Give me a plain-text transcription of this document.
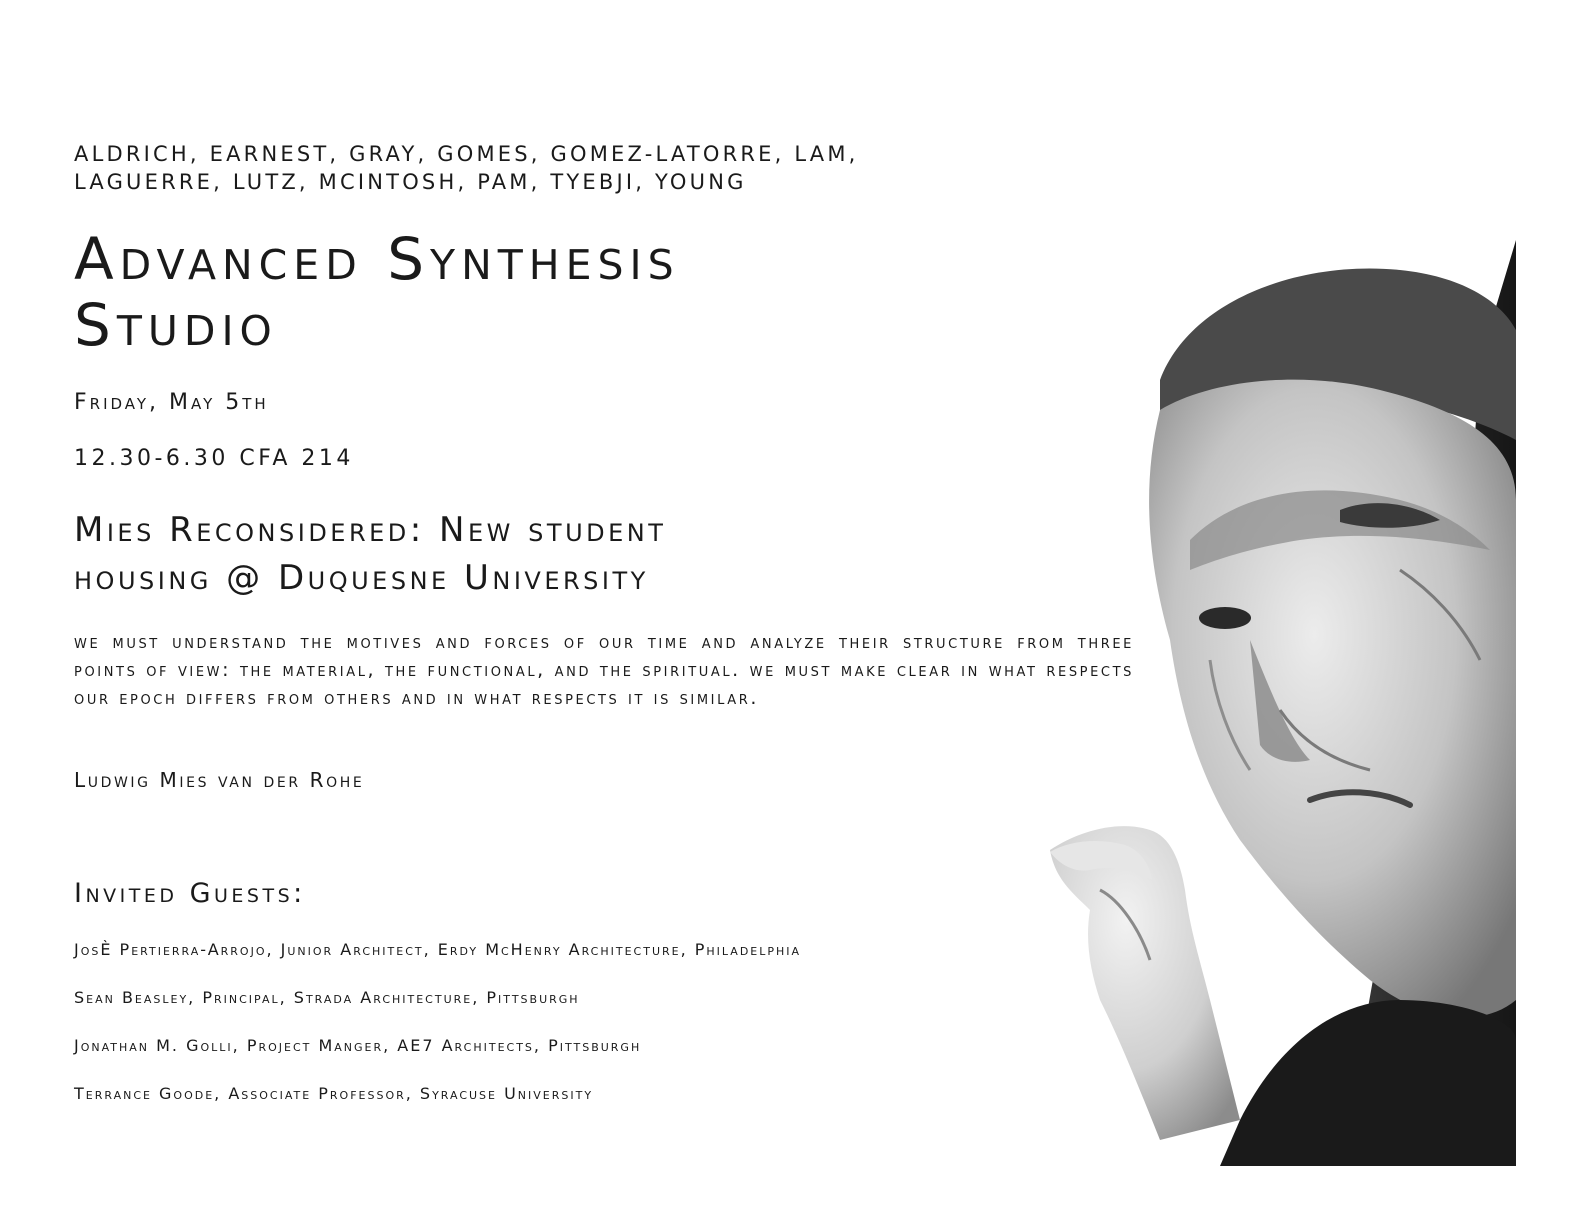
ALDRICH, EARNEST, GRAY, GOMES, GOMEZ-LATORRE, LAM,
LAGUERRE, LUTZ, MCINTOSH, PAM, TYEBJI, YOUNG
Advanced Synthesis
Studio
Friday, May 5th
12.30-6.30 CFA 214
Mies Reconsidered: New student
housing @ Duquesne University
we must understand the motives and forces of our time and analyze their structure from three points of view: the material, the functional, and the spiritual. we must make clear in what respects our epoch differs from others and in what respects it is similar.
Ludwig Mies van der Rohe
Invited Guests:
JosÈ Pertierra-Arrojo, Junior Architect, Erdy McHenry Architecture, Philadelphia
Sean Beasley, Principal, Strada Architecture, Pittsburgh
Jonathan M. Golli, Project Manger, AE7 Architects, Pittsburgh
Terrance Goode, Associate Professor, Syracuse University
